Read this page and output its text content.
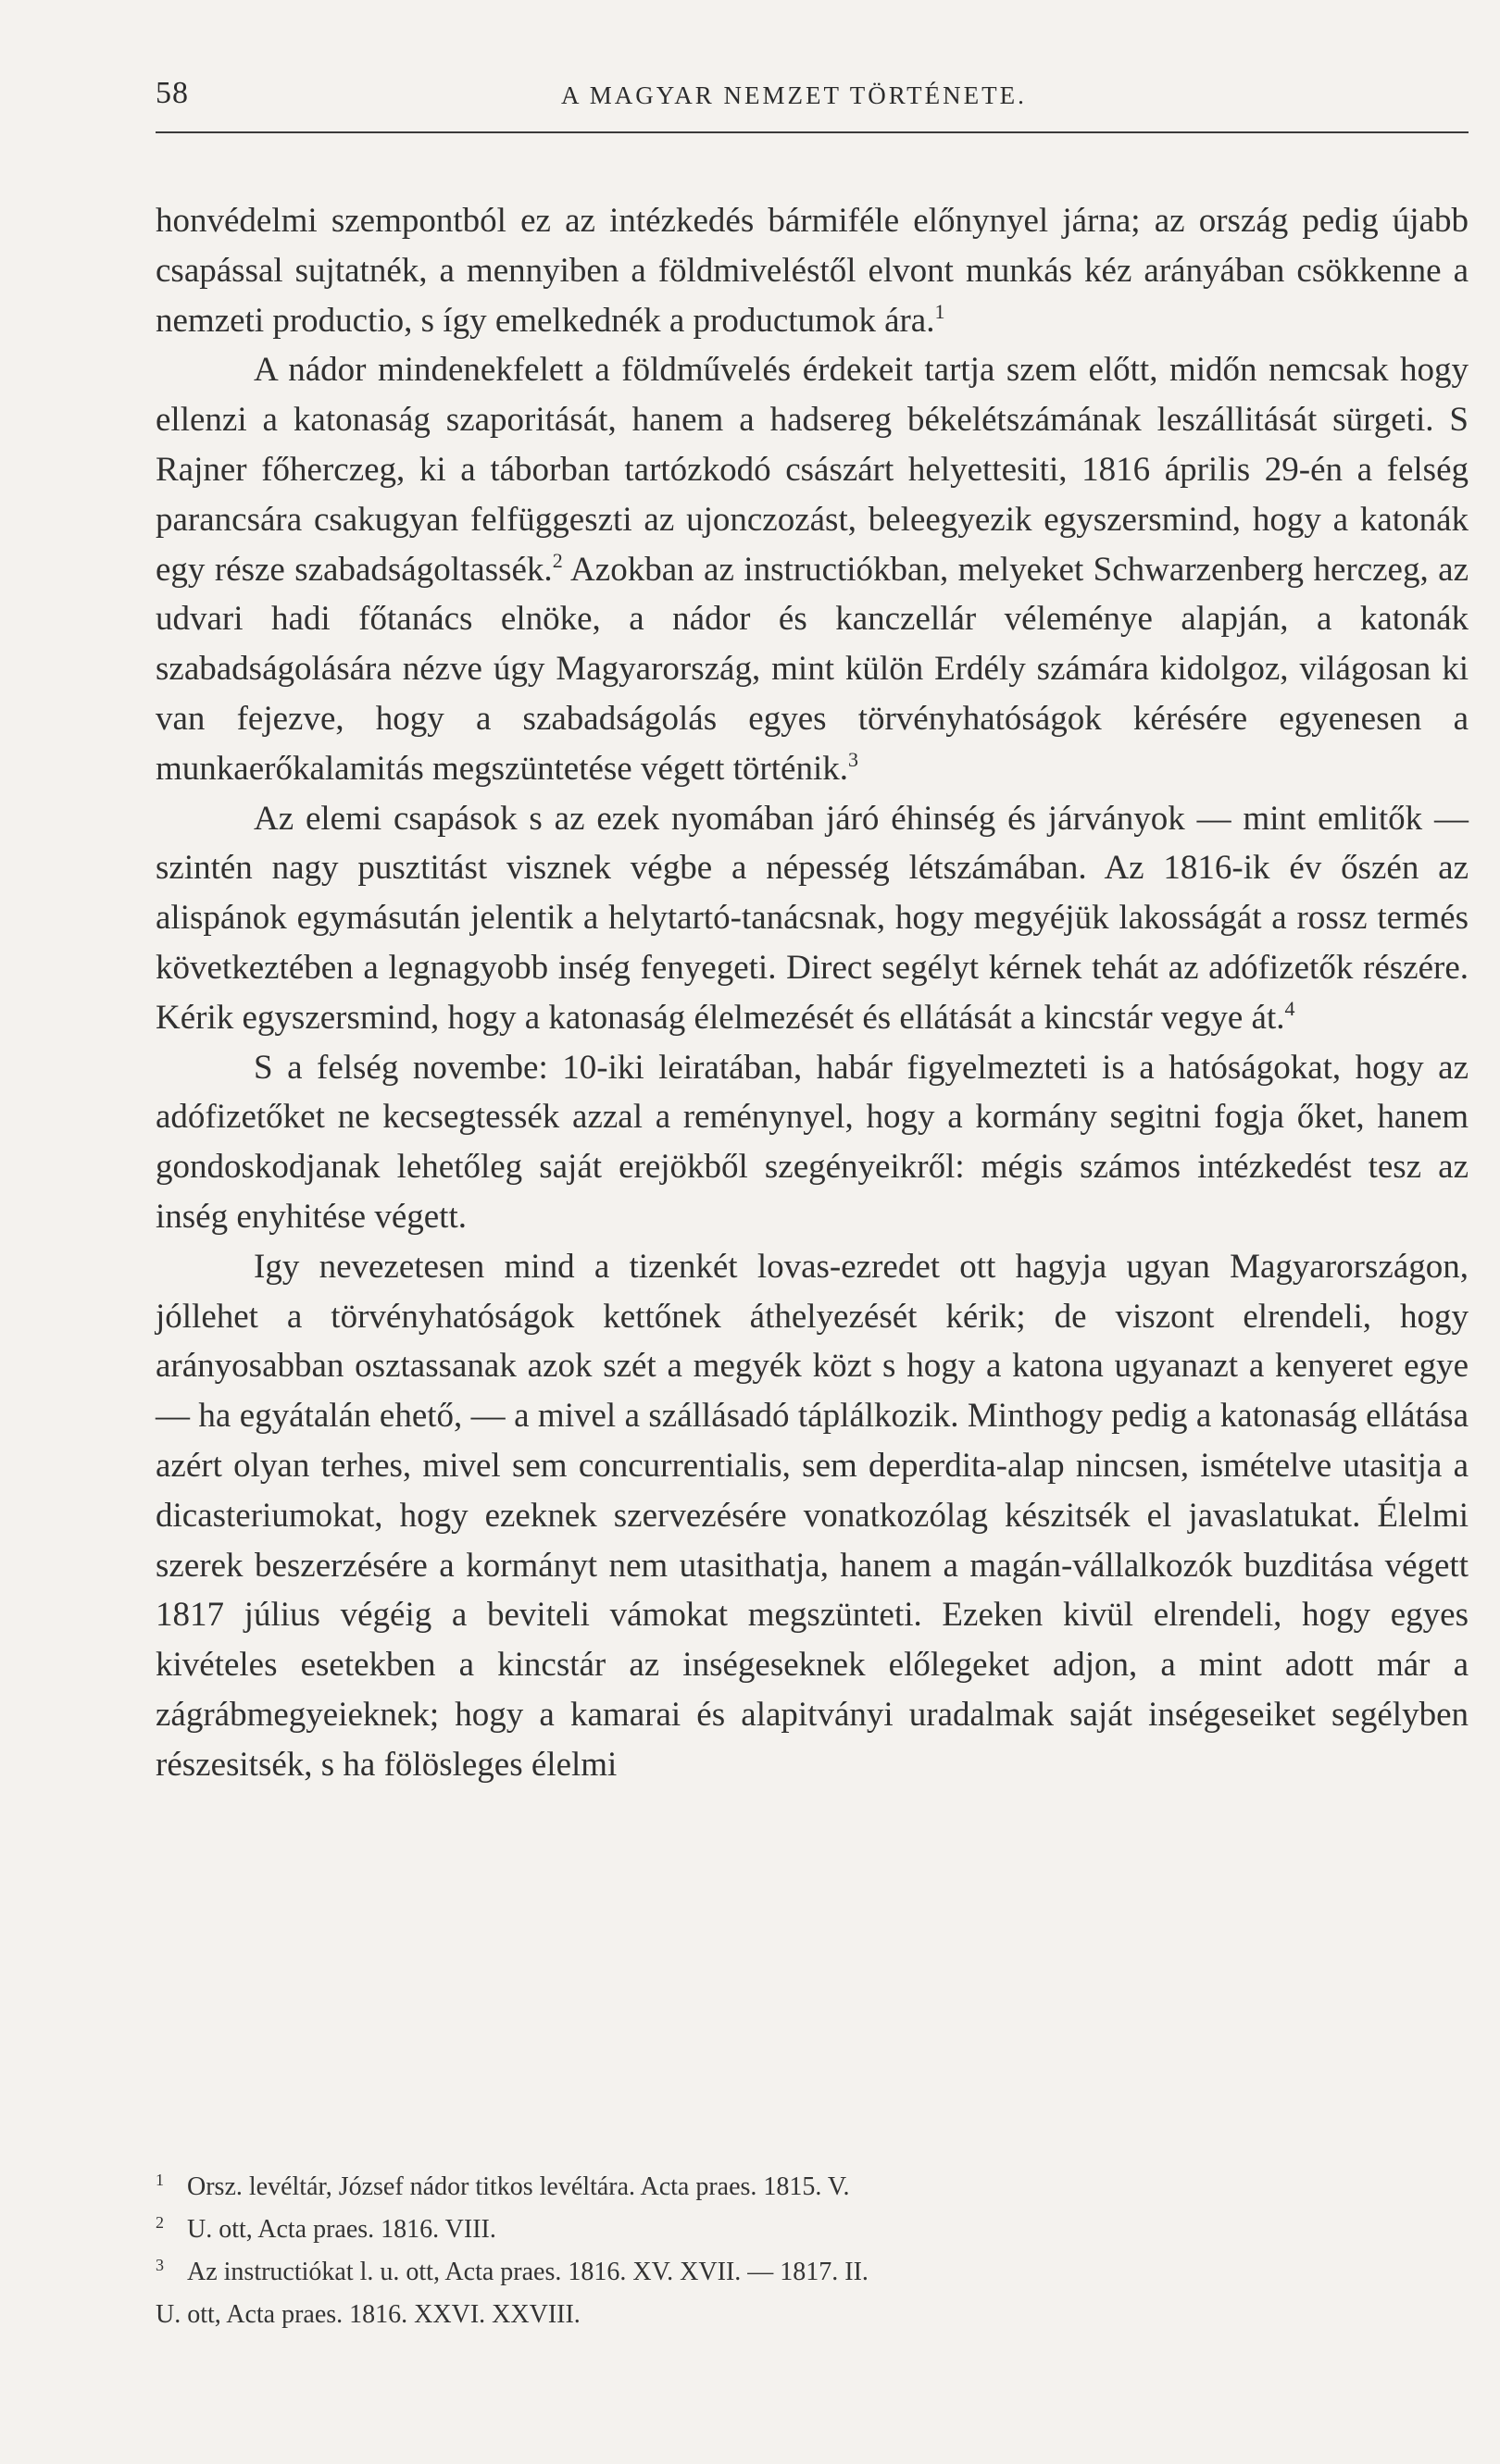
58	A MAGYAR NEMZET TÖRTÉNETE.

honvédelmi szempontból ez az intézkedés bármiféle előnynyel járna; az ország pedig újabb csapással sujtatnék, a mennyiben a földmiveléstől elvont munkás kéz arányában csökkenne a nemzeti productio, s így emelkednék a productumok ára.$^1$

A nádor mindenekfelett a földművelés érdekeit tartja szem előtt, midőn nemcsak hogy ellenzi a katonaság szaporitását, hanem a hadsereg békelétszámának leszállitását sürgeti. S Rajner főherczeg, ki a táborban tartózkodó császárt helyettesiti, 1816 április 29-én a felség parancsára csakugyan felfüggeszti az ujonczozást, beleegyezik egyszersmind, hogy a katonák egy része szabadságoltassék.$^2$ Azokban az instructiókban, melyeket Schwarzenberg herczeg, az udvari hadi főtanács elnöke, a nádor és kanczellár véleménye alapján, a katonák szabadságolására nézve úgy Magyarország, mint külön Erdély számára kidolgoz, világosan ki van fejezve, hogy a szabadságolás egyes törvényhatóságok kérésére egyenesen a munkaerőkalamitás megszüntetése végett történik.$^3$

Az elemi csapások s az ezek nyomában járó éhinség és járványok — mint emlitők — szintén nagy pusztitást visznek végbe a népesség létszámában. Az 1816-ik év őszén az alispánok egymásután jelentik a helytartó-tanácsnak, hogy megyéjük lakosságát a rossz termés következtében a legnagyobb inség fenyegeti. Direct segélyt kérnek tehát az adófizetők részére. Kérik egyszersmind, hogy a katonaság élelmezését és ellátását a kincstár vegye át.$^4$

S a felség novembe: 10-iki leiratában, habár figyelmezteti is a hatóságokat, hogy az adófizetőket ne kecsegtessék azzal a reménynyel, hogy a kormány segitni fogja őket, hanem gondoskodjanak lehetőleg saját erejökből szegényeikről: mégis számos intézkedést tesz az inség enyhitése végett.

Igy nevezetesen mind a tizenkét lovas-ezredet ott hagyja ugyan Magyarországon, jóllehet a törvényhatóságok kettőnek áthelyezését kérik; de viszont elrendeli, hogy arányosabban osztassanak azok szét a megyék közt s hogy a katona ugyanazt a kenyeret egye — ha egyátalán ehető, — a mivel a szállásadó táplálkozik. Minthogy pedig a katonaság ellátása azért olyan terhes, mivel sem concurrentialis, sem deperdita-alap nincsen, ismételve utasitja a dicasteriumokat, hogy ezeknek szervezésére vonatkozólag készitsék el javaslatukat. Élelmi szerek beszerzésére a kormányt nem utasithatja, hanem a magán-vállalkozók buzditása végett 1817 július végéig a beviteli vámokat megszünteti. Ezeken kivül elrendeli, hogy egyes kivételes esetekben a kincstár az inségeseknek előlegeket adjon, a mint adott már a zágrábmegyeieknek; hogy a kamarai és alapitványi uradalmak saját inségeseiket segélyben részesitsék, s ha fölösleges élelmi

1 Orsz. levéltár, József nádor titkos levéltára. Acta praes. 1815. V.

2 U. ott, Acta praes. 1816. VIII.

3 Az instructiókat l. u. ott, Acta praes. 1816. XV. XVII. — 1817. II.

U. ott, Acta praes. 1816. XXVI. XXVIII.
